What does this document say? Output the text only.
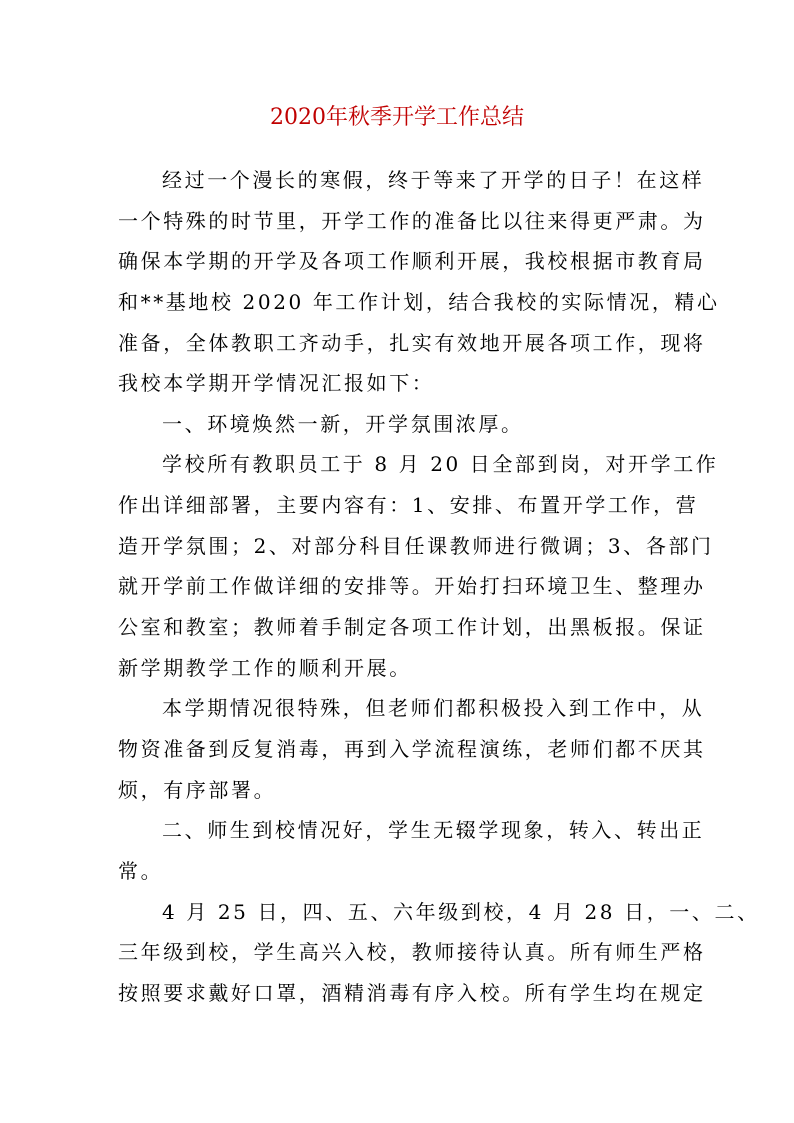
2020年秋季开学工作总结
经过一个漫长的寒假，终于等来了开学的日子！在这样
一个特殊的时节里，开学工作的准备比以往来得更严肃。为
确保本学期的开学及各项工作顺利开展，我校根据市教育局
和**基地校 2020 年工作计划，结合我校的实际情况，精心
准备，全体教职工齐动手，扎实有效地开展各项工作，现将
我校本学期开学情况汇报如下：
一、环境焕然一新，开学氛围浓厚。
学校所有教职员工于 8 月 20 日全部到岗，对开学工作
作出详细部署，主要内容有：1、安排、布置开学工作，营
造开学氛围；2、对部分科目任课教师进行微调；3、各部门
就开学前工作做详细的安排等。开始打扫环境卫生、整理办
公室和教室；教师着手制定各项工作计划，出黑板报。保证
新学期教学工作的顺利开展。
本学期情况很特殊，但老师们都积极投入到工作中，从
物资准备到反复消毒，再到入学流程演练，老师们都不厌其
烦，有序部署。
二、师生到校情况好，学生无辍学现象，转入、转出正
常。
4 月 25 日，四、五、六年级到校，4 月 28 日，一、二、
三年级到校，学生高兴入校，教师接待认真。所有师生严格
按照要求戴好口罩，酒精消毒有序入校。所有学生均在规定
